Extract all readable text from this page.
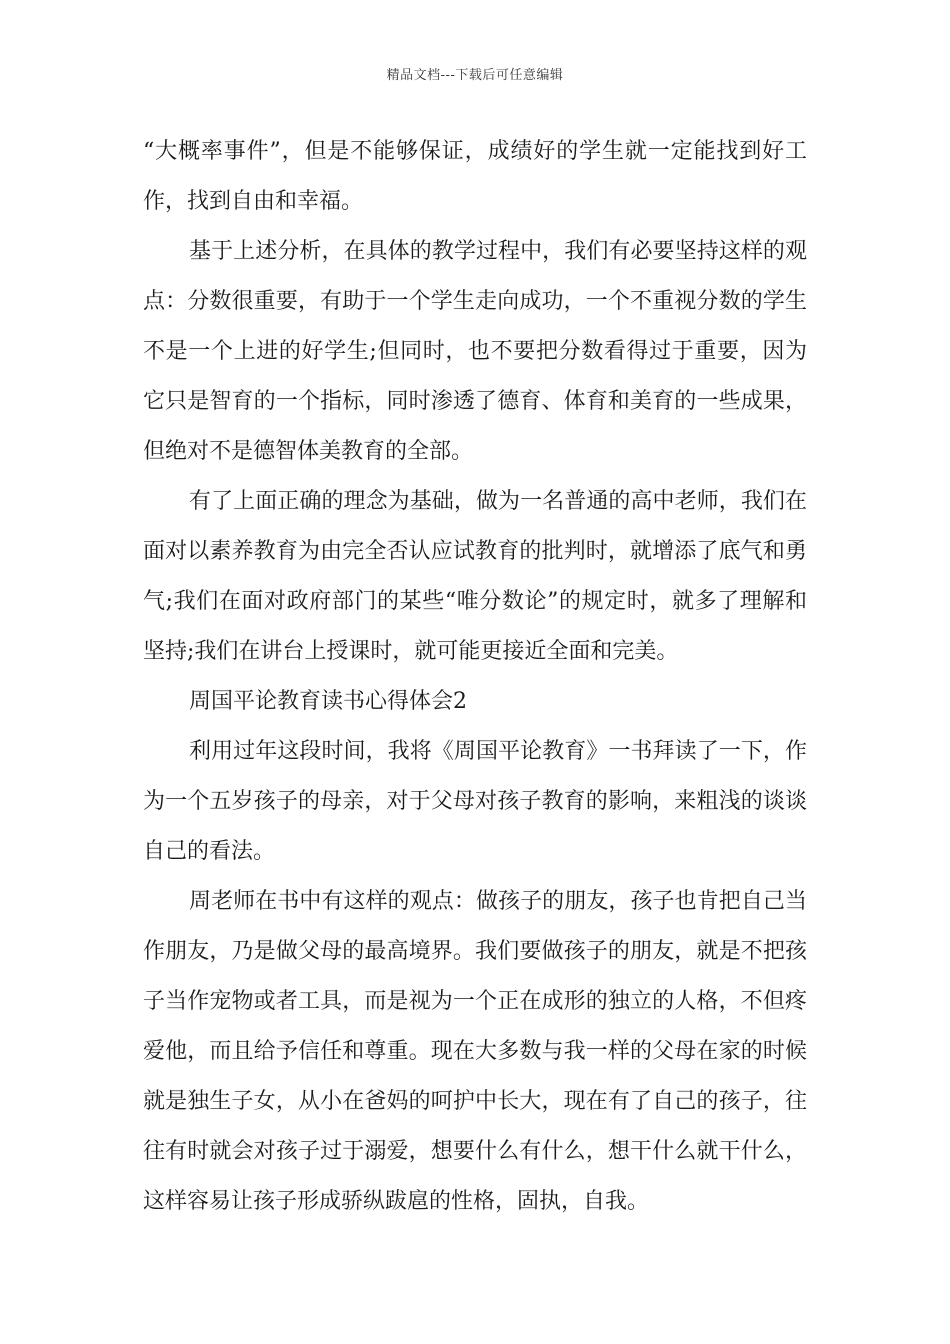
精品文档---下载后可任意编辑

“大概率事件”，但是不能够保证，成绩好的学生就一定能找到好工作，找到自由和幸福。

基于上述分析，在具体的教学过程中，我们有必要坚持这样的观点：分数很重要，有助于一个学生走向成功，一个不重视分数的学生不是一个上进的好学生;但同时，也不要把分数看得过于重要，因为它只是智育的一个指标，同时渗透了德育、体育和美育的一些成果，但绝对不是德智体美教育的全部。

有了上面正确的理念为基础，做为一名普通的高中老师，我们在面对以素养教育为由完全否认应试教育的批判时，就增添了底气和勇气;我们在面对政府部门的某些“唯分数论”的规定时，就多了理解和坚持;我们在讲台上授课时，就可能更接近全面和完美。

周国平论教育读书心得体会2

利用过年这段时间，我将《周国平论教育》一书拜读了一下，作为一个五岁孩子的母亲，对于父母对孩子教育的影响，来粗浅的谈谈自己的看法。

周老师在书中有这样的观点：做孩子的朋友，孩子也肯把自己当作朋友，乃是做父母的最高境界。我们要做孩子的朋友，就是不把孩子当作宠物或者工具，而是视为一个正在成形的独立的人格，不但疼爱他，而且给予信任和尊重。现在大多数与我一样的父母在家的时候就是独生子女，从小在爸妈的呵护中长大，现在有了自己的孩子，往往有时就会对孩子过于溺爱，想要什么有什么，想干什么就干什么，这样容易让孩子形成骄纵跋扈的性格，固执，自我。
